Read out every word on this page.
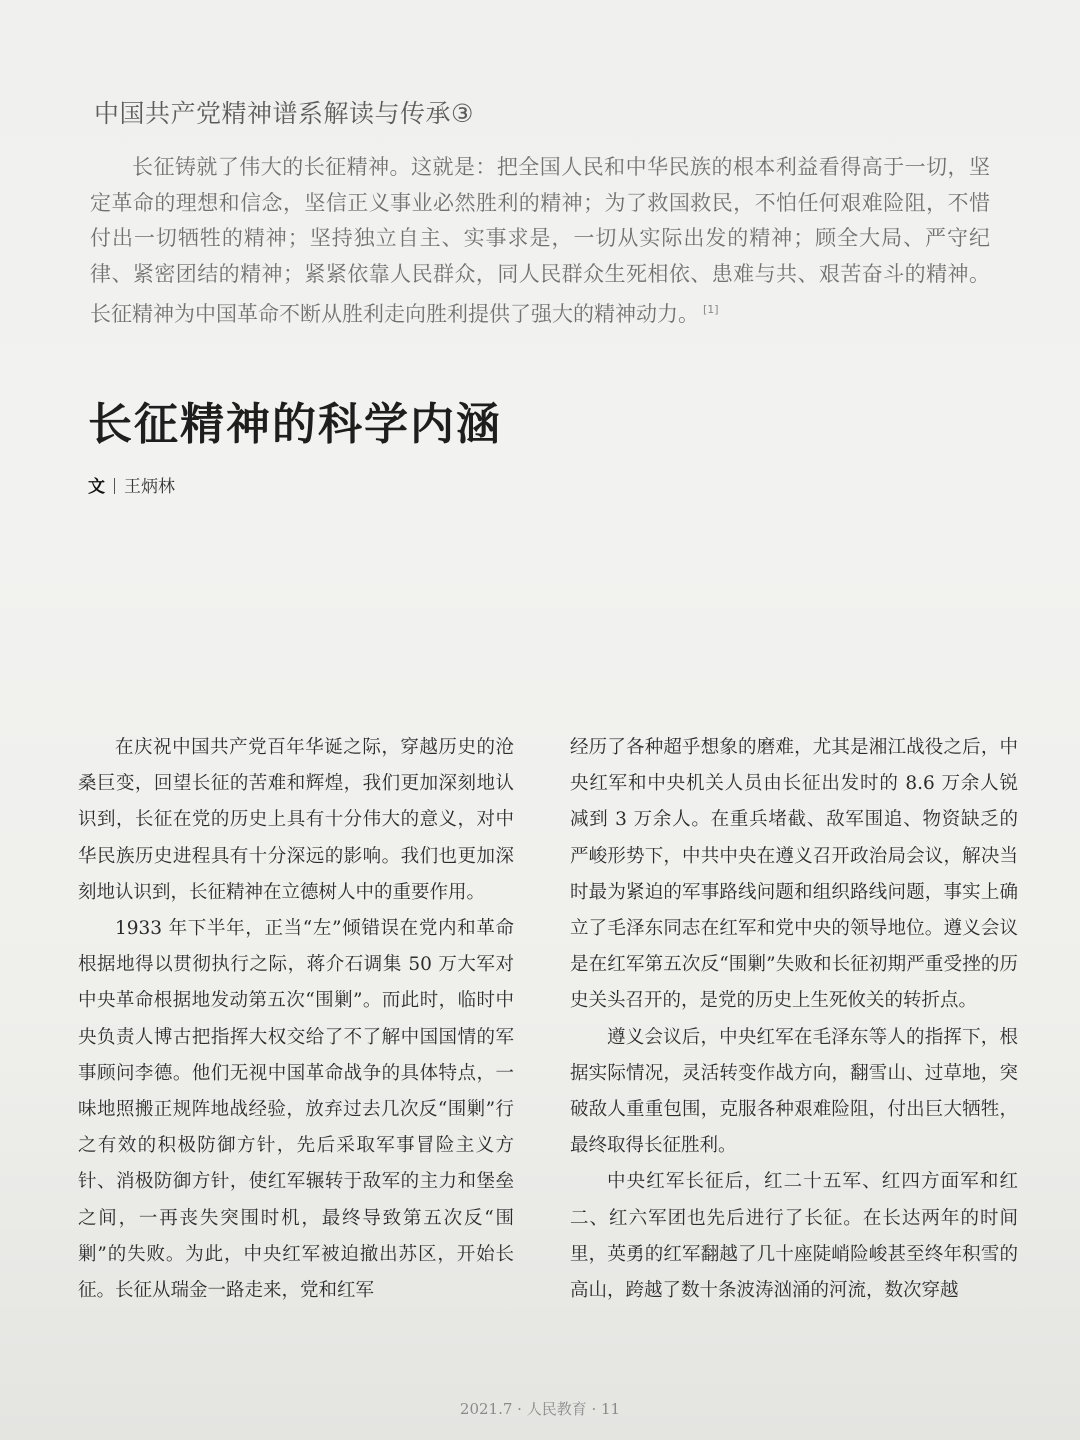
中国共产党精神谱系解读与传承③
长征铸就了伟大的长征精神。这就是：把全国人民和中华民族的根本利益看得高于一切，坚定革命的理想和信念，坚信正义事业必然胜利的精神；为了救国救民，不怕任何艰难险阻，不惜付出一切牺牲的精神；坚持独立自主、实事求是，一切从实际出发的精神；顾全大局、严守纪律、紧密团结的精神；紧紧依靠人民群众，同人民群众生死相依、患难与共、艰苦奋斗的精神。长征精神为中国革命不断从胜利走向胜利提供了强大的精神动力。 [1]
长征精神的科学内涵
文 王炳林

在庆祝中国共产党百年华诞之际，穿越历史的沧桑巨变，回望长征的苦难和辉煌，我们更加深刻地认识到，长征在党的历史上具有十分伟大的意义，对中华民族历史进程具有十分深远的影响。我们也更加深刻地认识到，长征精神在立德树人中的重要作用。

1933 年下半年，正当“左”倾错误在党内和革命根据地得以贯彻执行之际，蒋介石调集 50 万大军对中央革命根据地发动第五次“围剿”。而此时，临时中央负责人博古把指挥大权交给了不了解中国国情的军事顾问李德。他们无视中国革命战争的具体特点，一味地照搬正规阵地战经验，放弃过去几次反“围剿”行之有效的积极防御方针，先后采取军事冒险主义方针、消极防御方针，使红军辗转于敌军的主力和堡垒之间，一再丧失突围时机，最终导致第五次反“围剿”的失败。为此，中央红军被迫撤出苏区，开始长征。长征从瑞金一路走来，党和红军

经历了各种超乎想象的磨难，尤其是湘江战役之后，中央红军和中央机关人员由长征出发时的 8.6 万余人锐减到 3 万余人。在重兵堵截、敌军围追、物资缺乏的严峻形势下，中共中央在遵义召开政治局会议，解决当时最为紧迫的军事路线问题和组织路线问题，事实上确立了毛泽东同志在红军和党中央的领导地位。遵义会议是在红军第五次反“围剿”失败和长征初期严重受挫的历史关头召开的，是党的历史上生死攸关的转折点。

遵义会议后，中央红军在毛泽东等人的指挥下，根据实际情况，灵活转变作战方向，翻雪山、过草地，突破敌人重重包围，克服各种艰难险阻，付出巨大牺牲，最终取得长征胜利。

中央红军长征后，红二十五军、红四方面军和红二、红六军团也先后进行了长征。在长达两年的时间里，英勇的红军翻越了几十座陡峭险峻甚至终年积雪的高山，跨越了数十条波涛汹涌的河流，数次穿越

2021.7 · 人民教育 · 11
